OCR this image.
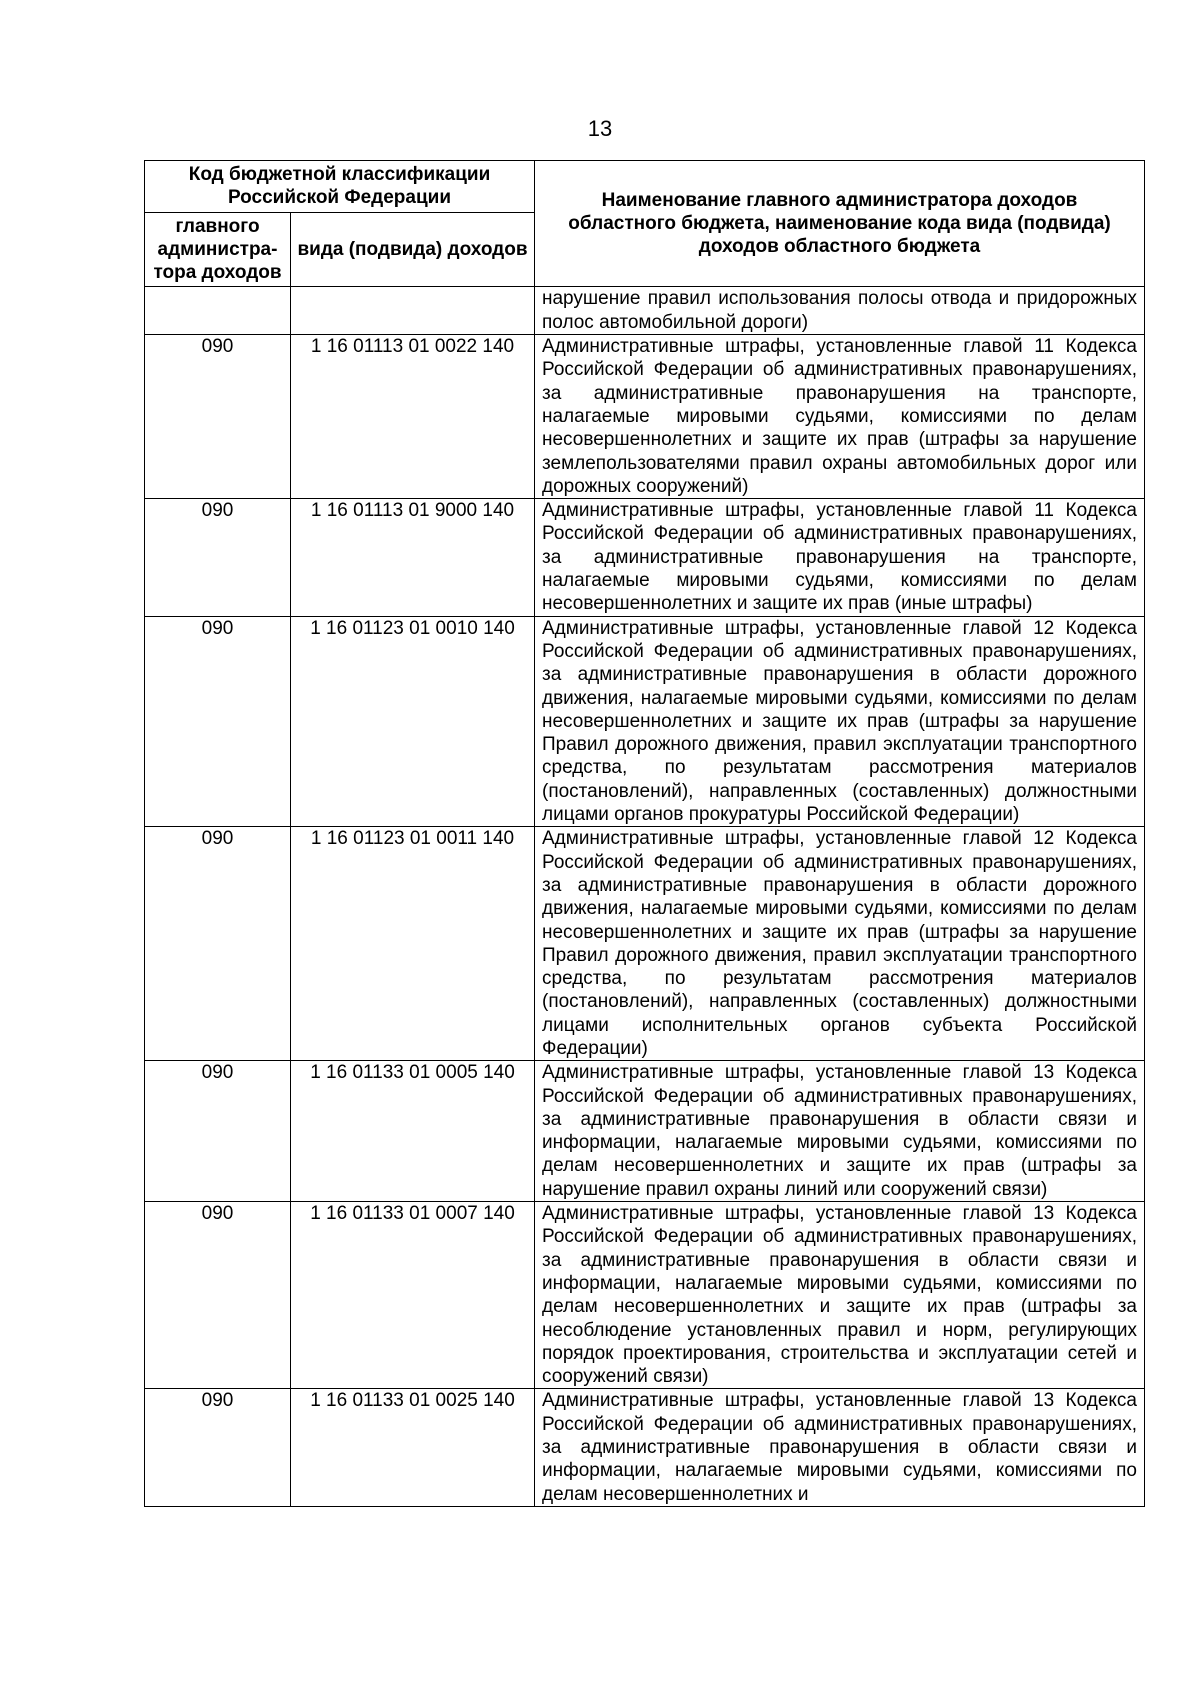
13
Код бюджетной классификации Российской Федерации		Наименование главного администратора доходов областного бюджета, наименование кода вида (подвида) доходов областного бюджета
главного администра-тора доходов	вида (подвида) доходов	
		нарушение правил использования полосы отвода и придорожных полос автомобильной дороги)
090	1 16 01113 01 0022 140	Административные штрафы, установленные главой 11 Кодекса Российской Федерации об административных правонарушениях, за административные правонарушения на транспорте, налагаемые мировыми судьями, комиссиями по делам несовершеннолетних и защите их прав (штрафы за нарушение землепользователями правил охраны автомобильных дорог или дорожных сооружений)
090	1 16 01113 01 9000 140	Административные штрафы, установленные главой 11 Кодекса Российской Федерации об административных правонарушениях, за административные правонарушения на транспорте, налагаемые мировыми судьями, комиссиями по делам несовершеннолетних и защите их прав (иные штрафы)
090	1 16 01123 01 0010 140	Административные штрафы, установленные главой 12 Кодекса Российской Федерации об административных правонарушениях, за административные правонарушения в области дорожного движения, налагаемые мировыми судьями, комиссиями по делам несовершеннолетних и защите их прав (штрафы за нарушение Правил дорожного движения, правил эксплуатации транспортного средства, по результатам рассмотрения материалов (постановлений), направленных (составленных) должностными лицами органов прокуратуры Российской Федерации)
090	1 16 01123 01 0011 140	Административные штрафы, установленные главой 12 Кодекса Российской Федерации об административных правонарушениях, за административные правонарушения в области дорожного движения, налагаемые мировыми судьями, комиссиями по делам несовершеннолетних и защите их прав (штрафы за нарушение Правил дорожного движения, правил эксплуатации транспортного средства, по результатам рассмотрения материалов (постановлений), направленных (составленных) должностными лицами исполнительных органов субъекта Российской Федерации)
090	1 16 01133 01 0005 140	Административные штрафы, установленные главой 13 Кодекса Российской Федерации об административных правонарушениях, за административные правонарушения в области связи и информации, налагаемые мировыми судьями, комиссиями по делам несовершеннолетних и защите их прав (штрафы за нарушение правил охраны линий или сооружений связи)
090	1 16 01133 01 0007 140	Административные штрафы, установленные главой 13 Кодекса Российской Федерации об административных правонарушениях, за административные правонарушения в области связи и информации, налагаемые мировыми судьями, комиссиями по делам несовершеннолетних и защите их прав (штрафы за несоблюдение установленных правил и норм, регулирующих порядок проектирования, строительства и эксплуатации сетей и сооружений связи)
090	1 16 01133 01 0025 140	Административные штрафы, установленные главой 13 Кодекса Российской Федерации об административных правонарушениях, за административные правонарушения в области связи и информации, налагаемые мировыми судьями, комиссиями по делам несовершеннолетних и
